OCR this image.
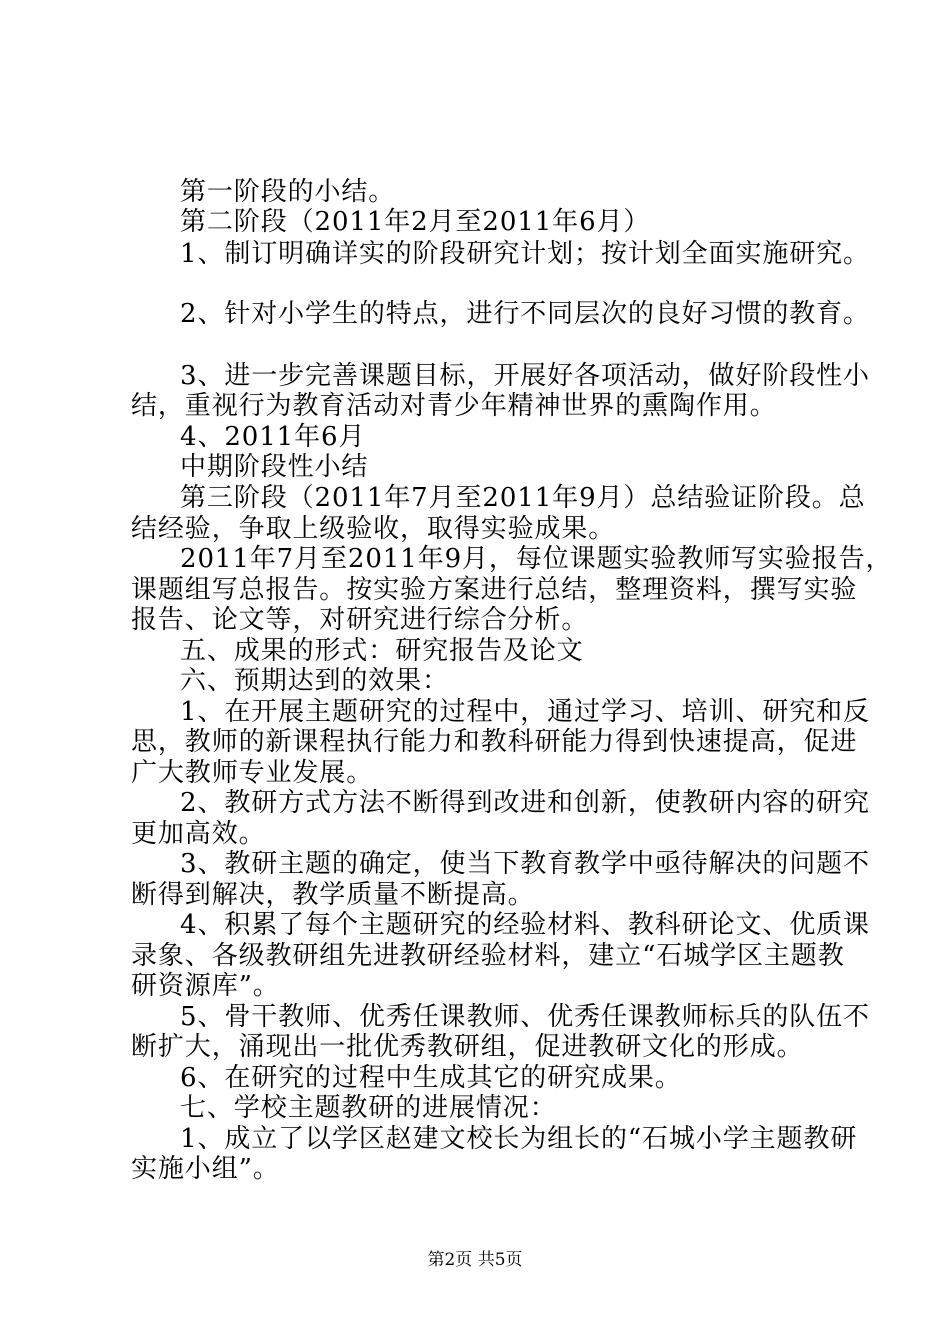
第一阶段的小结。
第二阶段（2011年2月至2011年6月）
1、制订明确详实的阶段研究计划；按计划全面实施研究。
2、针对小学生的特点，进行不同层次的良好习惯的教育。
3、进一步完善课题目标，开展好各项活动，做好阶段性小
结，重视行为教育活动对青少年精神世界的熏陶作用。
4、2011年6月
中期阶段性小结
第三阶段（2011年7月至2011年9月）总结验证阶段。总
结经验，争取上级验收，取得实验成果。
2011年7月至2011年9月，每位课题实验教师写实验报告，
课题组写总报告。按实验方案进行总结，整理资料，撰写实验
报告、论文等，对研究进行综合分析。
五、成果的形式：研究报告及论文
六、预期达到的效果：
1、在开展主题研究的过程中，通过学习、培训、研究和反
思，教师的新课程执行能力和教科研能力得到快速提高，促进
广大教师专业发展。
2、教研方式方法不断得到改进和创新，使教研内容的研究
更加高效。
3、教研主题的确定，使当下教育教学中亟待解决的问题不
断得到解决，教学质量不断提高。
4、积累了每个主题研究的经验材料、教科研论文、优质课
录象、各级教研组先进教研经验材料，建立“石城学区主题教
研资源库”。
5、骨干教师、优秀任课教师、优秀任课教师标兵的队伍不
断扩大，涌现出一批优秀教研组，促进教研文化的形成。
6、在研究的过程中生成其它的研究成果。
七、学校主题教研的进展情况：
1、成立了以学区赵建文校长为组长的“石城小学主题教研
实施小组”。
第2页 共5页
